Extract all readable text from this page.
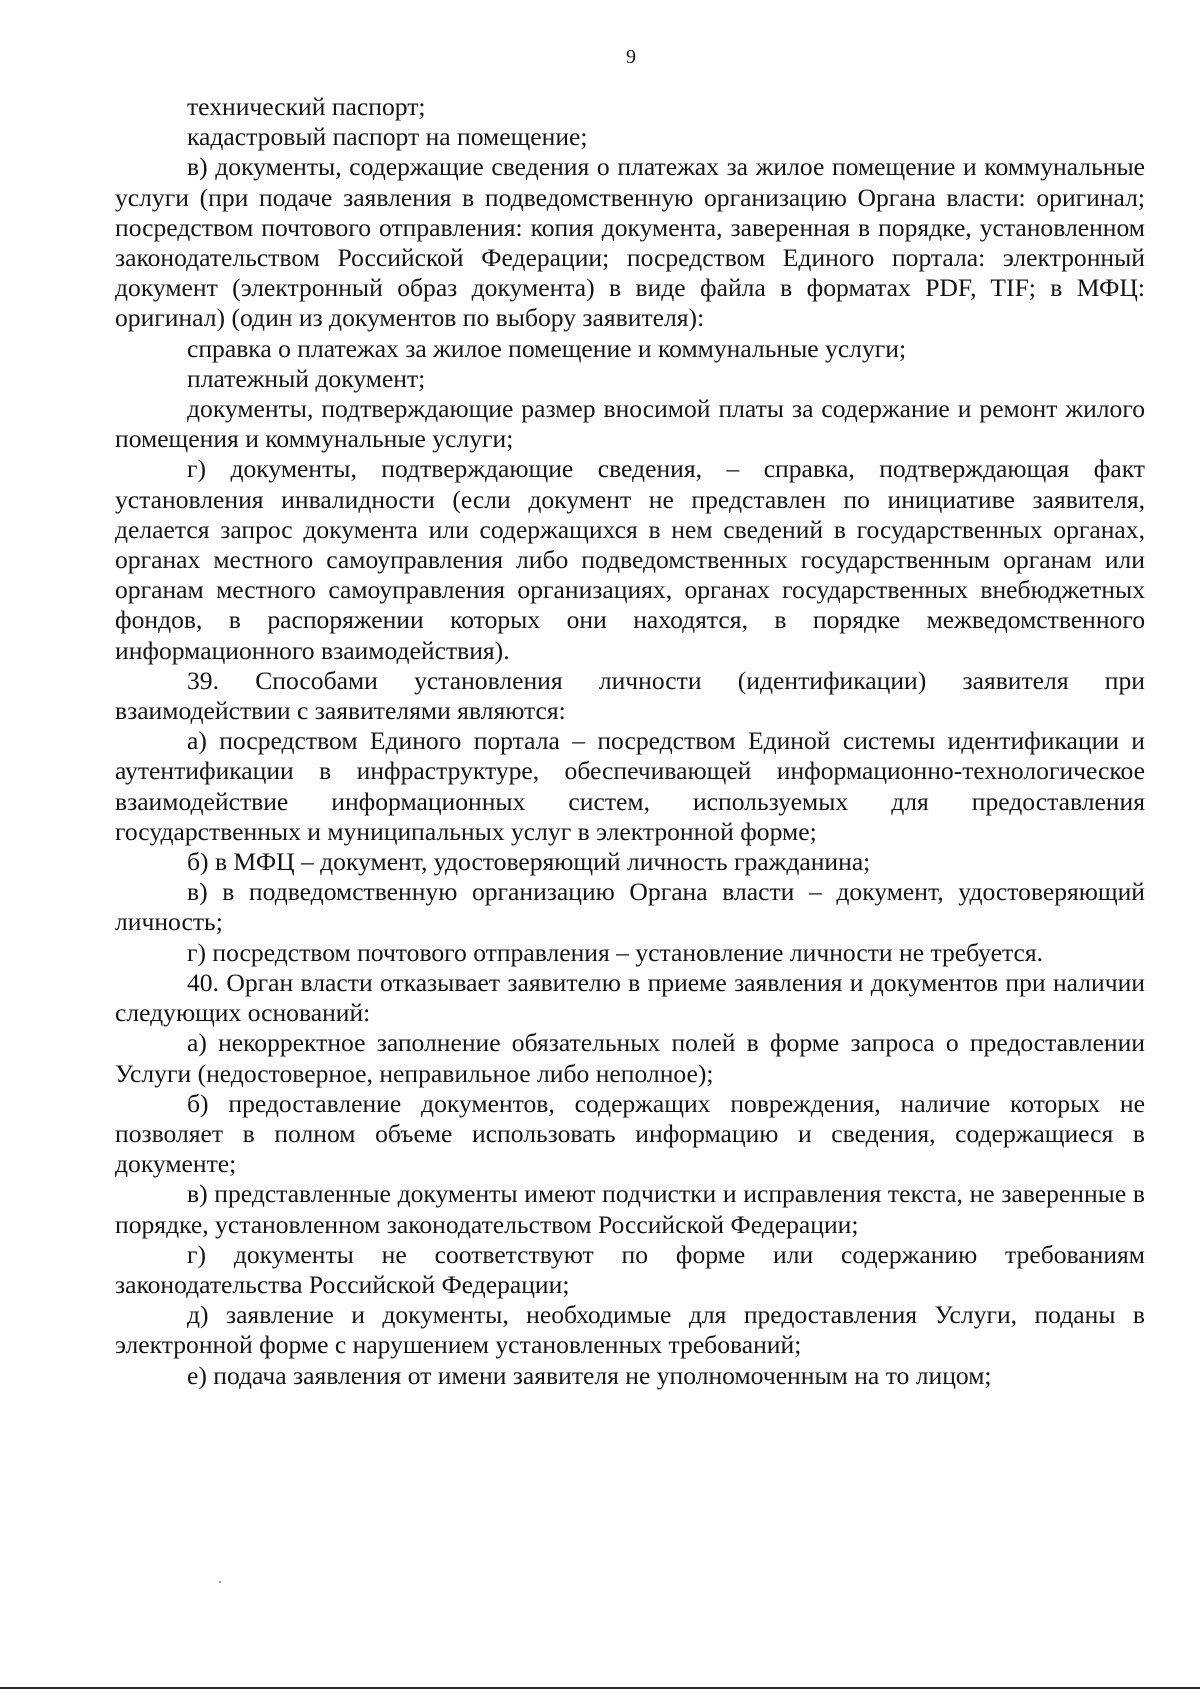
9

технический паспорт;

кадастровый паспорт на помещение;

в) документы, содержащие сведения о платежах за жилое помещение и коммунальные услуги (при подаче заявления в подведомственную организацию Органа власти: оригинал; посредством почтового отправления: копия документа, заверенная в порядке, установленном законодательством Российской Федерации; посредством Единого портала: электронный документ (электронный образ документа) в виде файла в форматах PDF, TIF; в МФЦ: оригинал) (один из документов по выбору заявителя):

справка о платежах за жилое помещение и коммунальные услуги;

платежный документ;

документы, подтверждающие размер вносимой платы за содержание и ремонт жилого помещения и коммунальные услуги;

г) документы, подтверждающие сведения, – справка, подтверждающая факт установления инвалидности (если документ не представлен по инициативе заявителя, делается запрос документа или содержащихся в нем сведений в государственных органах, органах местного самоуправления либо подведомственных государственным органам или органам местного самоуправления организациях, органах государственных внебюджетных фондов, в распоряжении которых они находятся, в порядке межведомственного информационного взаимодействия).

39. Способами установления личности (идентификации) заявителя при взаимодействии с заявителями являются:

а) посредством Единого портала – посредством Единой системы идентификации и аутентификации в инфраструктуре, обеспечивающей информационно-технологическое взаимодействие информационных систем, используемых для предоставления государственных и муниципальных услуг в электронной форме;

б) в МФЦ – документ, удостоверяющий личность гражданина;

в) в подведомственную организацию Органа власти – документ, удостоверяющий личность;

г) посредством почтового отправления – установление личности не требуется.

40. Орган власти отказывает заявителю в приеме заявления и документов при наличии следующих оснований:

а) некорректное заполнение обязательных полей в форме запроса о предоставлении Услуги (недостоверное, неправильное либо неполное);

б) предоставление документов, содержащих повреждения, наличие которых не позволяет в полном объеме использовать информацию и сведения, содержащиеся в документе;

в) представленные документы имеют подчистки и исправления текста, не заверенные в порядке, установленном законодательством Российской Федерации;

г) документы не соответствуют по форме или содержанию требованиям законодательства Российской Федерации;

д) заявление и документы, необходимые для предоставления Услуги, поданы в электронной форме с нарушением установленных требований;

е) подача заявления от имени заявителя не уполномоченным на то лицом;
